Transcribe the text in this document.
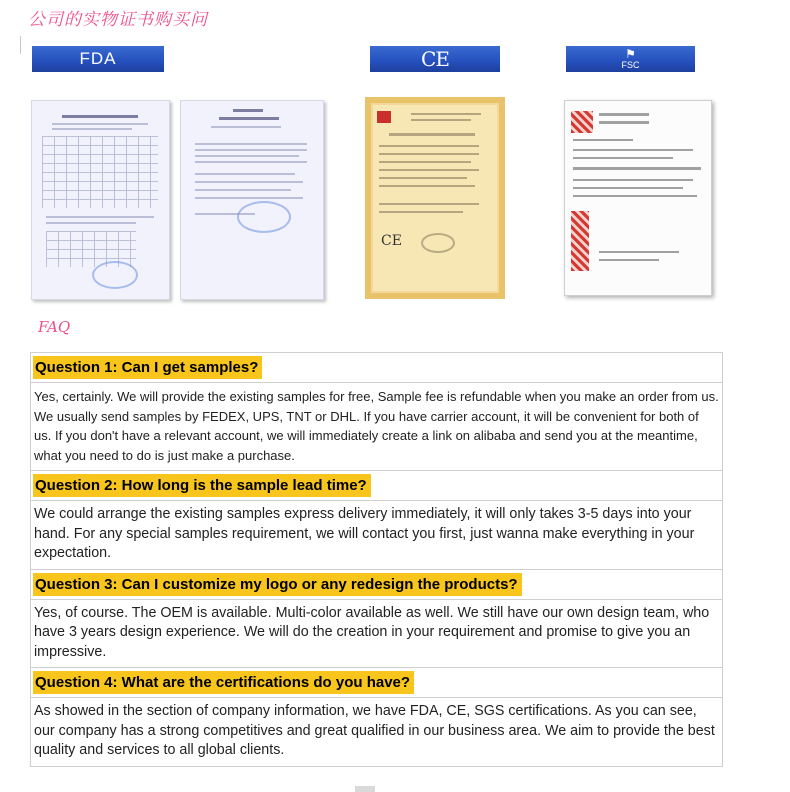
公司的实物证书购买问
FDA	CE	⚑
FSC
CE
FAQ
Question 1: Can I get samples?

Yes, certainly. We will provide the existing samples for free, Sample fee is refundable when you make an order from us.

We usually send samples by FEDEX, UPS, TNT or DHL. If you have carrier account, it will be convenient for both of us. If you don't have a relevant account, we will immediately create a link on alibaba and send you at the meantime, what you need to do is just make a purchase.

Question 2: How long is the sample lead time?

We could arrange the existing samples express delivery immediately, it will only takes 3-5 days into your hand. For any special samples requirement, we will contact you first, just wanna make everything in your expectation.

Question 3: Can I customize my logo or any redesign the products?

Yes, of course. The OEM is available. Multi-color available as well. We still have our own design team, who have 3 years design experience. We will do the creation in your requirement and promise to give you an impressive.

Question 4: What are the certifications do you have?

As showed in the section of company information, we have FDA, CE, SGS certifications. As you can see, our company has a strong competitives and great qualified in our business area. We aim to provide the best quality and services to all global clients.
